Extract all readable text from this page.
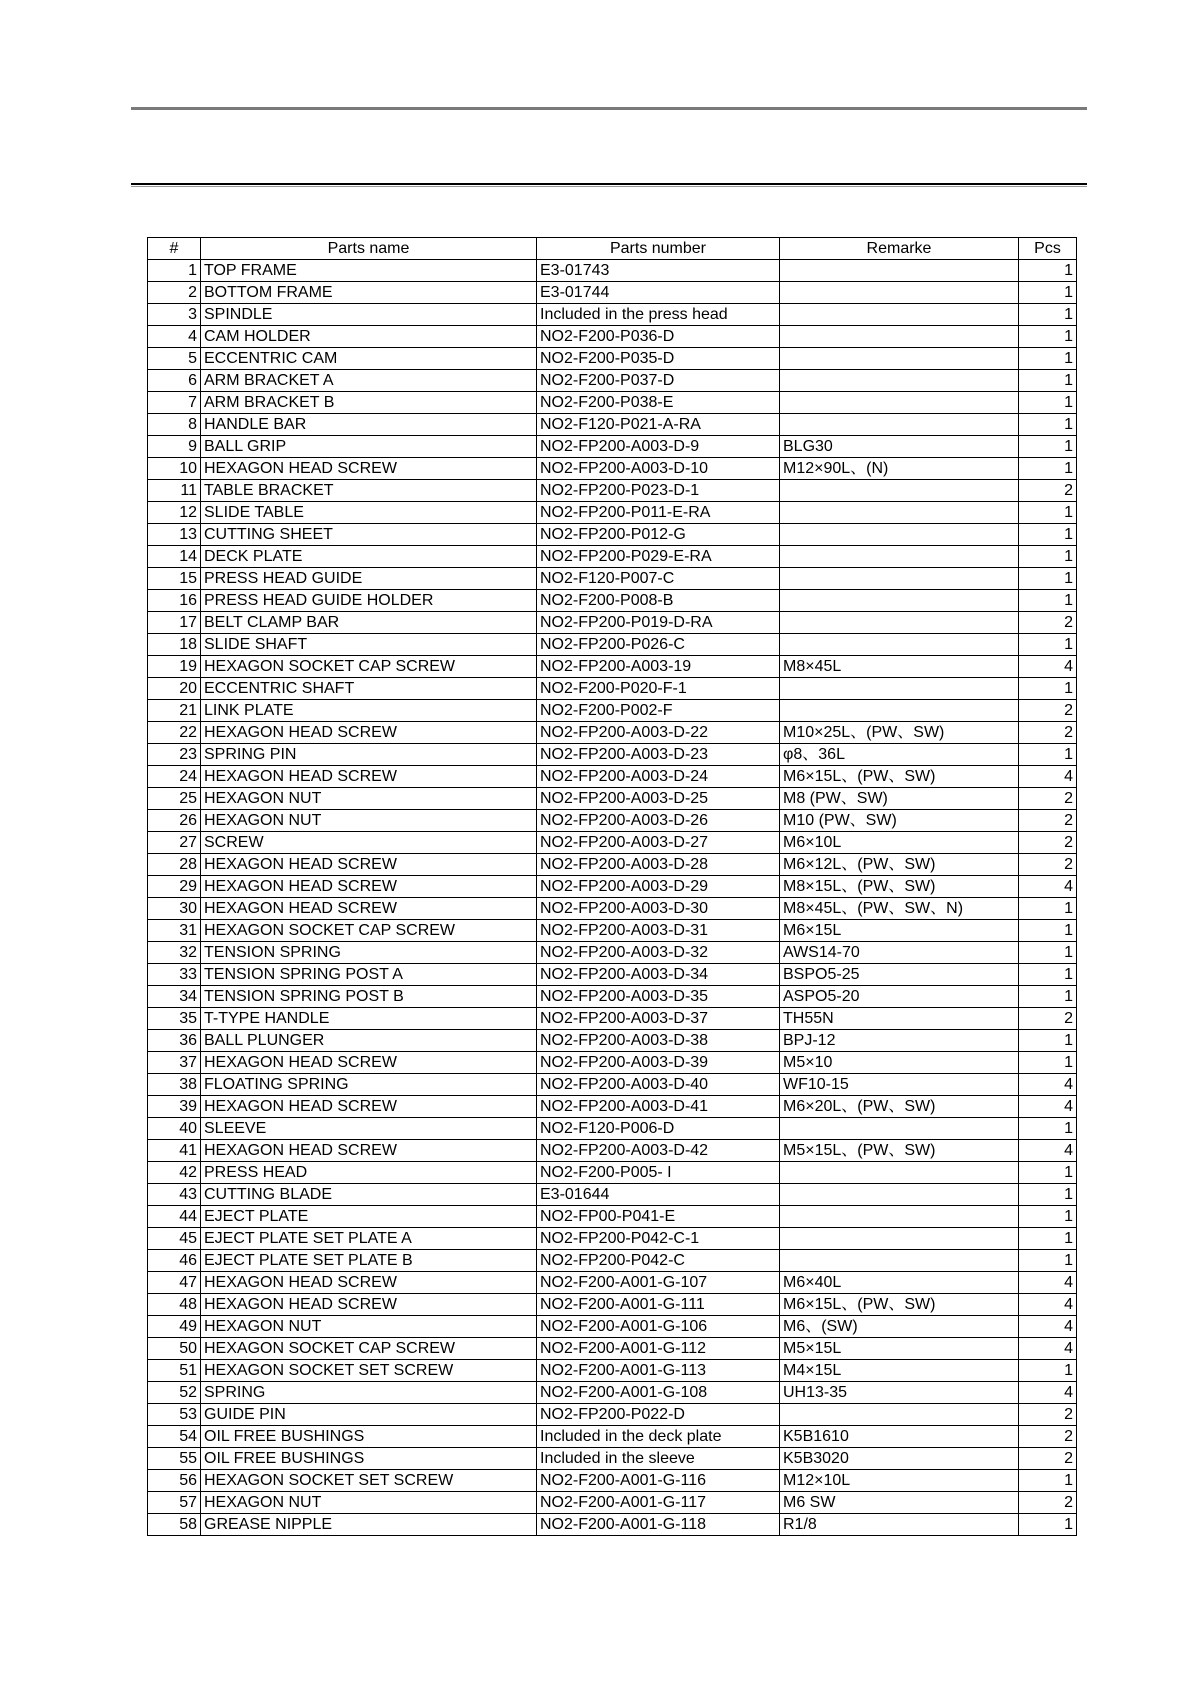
#	Parts name	Parts number	Remarke	Pcs
1	TOP FRAME	E3-01743		1
2	BOTTOM FRAME	E3-01744		1
3	SPINDLE	Included in the press head		1
4	CAM HOLDER	NO2-F200-P036-D		1
5	ECCENTRIC CAM	NO2-F200-P035-D		1
6	ARM BRACKET A	NO2-F200-P037-D		1
7	ARM BRACKET B	NO2-F200-P038-E		1
8	HANDLE BAR	NO2-F120-P021-A-RA		1
9	BALL GRIP	NO2-FP200-A003-D-9	BLG30	1
10	HEXAGON HEAD SCREW	NO2-FP200-A003-D-10	M12×90L、(N)	1
11	TABLE BRACKET	NO2-FP200-P023-D-1		2
12	SLIDE TABLE	NO2-FP200-P011-E-RA		1
13	CUTTING SHEET	NO2-FP200-P012-G		1
14	DECK PLATE	NO2-FP200-P029-E-RA		1
15	PRESS HEAD GUIDE	NO2-F120-P007-C		1
16	PRESS HEAD GUIDE HOLDER	NO2-F200-P008-B		1
17	BELT CLAMP BAR	NO2-FP200-P019-D-RA		2
18	SLIDE SHAFT	NO2-FP200-P026-C		1
19	HEXAGON SOCKET CAP SCREW	NO2-FP200-A003-19	M8×45L	4
20	ECCENTRIC SHAFT	NO2-F200-P020-F-1		1
21	LINK PLATE	NO2-F200-P002-F		2
22	HEXAGON HEAD SCREW	NO2-FP200-A003-D-22	M10×25L、(PW、SW)	2
23	SPRING PIN	NO2-FP200-A003-D-23	φ8、36L	1
24	HEXAGON HEAD SCREW	NO2-FP200-A003-D-24	M6×15L、(PW、SW)	4
25	HEXAGON NUT	NO2-FP200-A003-D-25	M8 (PW、SW)	2
26	HEXAGON NUT	NO2-FP200-A003-D-26	M10 (PW、SW)	2
27	SCREW	NO2-FP200-A003-D-27	M6×10L	2
28	HEXAGON HEAD SCREW	NO2-FP200-A003-D-28	M6×12L、(PW、SW)	2
29	HEXAGON HEAD SCREW	NO2-FP200-A003-D-29	M8×15L、(PW、SW)	4
30	HEXAGON HEAD SCREW	NO2-FP200-A003-D-30	M8×45L、(PW、SW、N)	1
31	HEXAGON SOCKET CAP SCREW	NO2-FP200-A003-D-31	M6×15L	1
32	TENSION SPRING	NO2-FP200-A003-D-32	AWS14-70	1
33	TENSION SPRING POST A	NO2-FP200-A003-D-34	BSPO5-25	1
34	TENSION SPRING POST B	NO2-FP200-A003-D-35	ASPO5-20	1
35	T-TYPE HANDLE	NO2-FP200-A003-D-37	TH55N	2
36	BALL PLUNGER	NO2-FP200-A003-D-38	BPJ-12	1
37	HEXAGON HEAD SCREW	NO2-FP200-A003-D-39	M5×10	1
38	FLOATING SPRING	NO2-FP200-A003-D-40	WF10-15	4
39	HEXAGON HEAD SCREW	NO2-FP200-A003-D-41	M6×20L、(PW、SW)	4
40	SLEEVE	NO2-F120-P006-D		1
41	HEXAGON HEAD SCREW	NO2-FP200-A003-D-42	M5×15L、(PW、SW)	4
42	PRESS HEAD	NO2-F200-P005- I		1
43	CUTTING BLADE	E3-01644		1
44	EJECT PLATE	NO2-FP00-P041-E		1
45	EJECT PLATE SET PLATE A	NO2-FP200-P042-C-1		1
46	EJECT PLATE SET PLATE B	NO2-FP200-P042-C		1
47	HEXAGON HEAD SCREW	NO2-F200-A001-G-107	M6×40L	4
48	HEXAGON HEAD SCREW	NO2-F200-A001-G-111	M6×15L、(PW、SW)	4
49	HEXAGON NUT	NO2-F200-A001-G-106	M6、(SW)	4
50	HEXAGON SOCKET CAP SCREW	NO2-F200-A001-G-112	M5×15L	4
51	HEXAGON SOCKET SET SCREW	NO2-F200-A001-G-113	M4×15L	1
52	SPRING	NO2-F200-A001-G-108	UH13-35	4
53	GUIDE PIN	NO2-FP200-P022-D		2
54	OIL FREE BUSHINGS	Included in the deck plate	K5B1610	2
55	OIL FREE BUSHINGS	Included in the sleeve	K5B3020	2
56	HEXAGON SOCKET SET SCREW	NO2-F200-A001-G-116	M12×10L	1
57	HEXAGON NUT	NO2-F200-A001-G-117	M6 SW	2
58	GREASE NIPPLE	NO2-F200-A001-G-118	R1/8	1
